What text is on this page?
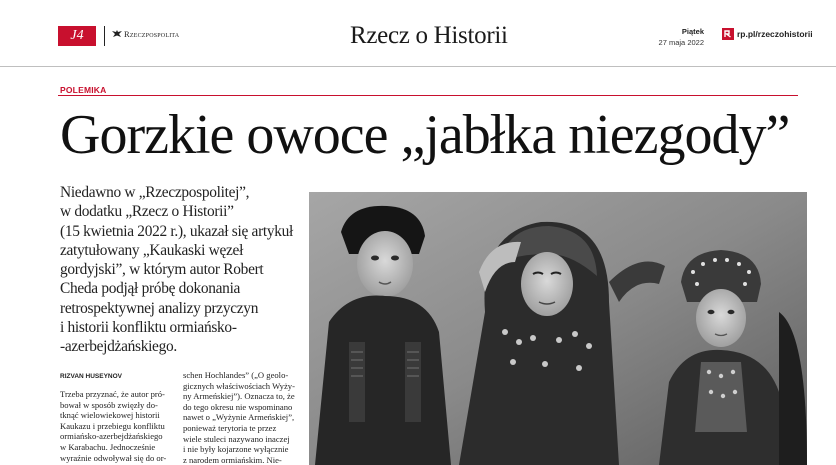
J4	Rzeczpospolita	Rzecz o Historii	Piątek
27 maja 2022
rp.pl/rzeczohistorii
POLEMIKA
Gorzkie owoce „jabłka niezgody”

Niedawno w „Rzeczpospolitej”,
w dodatku „Rzecz o Historii”
(15 kwietnia 2022 r.), ukazał się artykuł
zatytułowany „Kaukaski węzeł
gordyjski”, w którym autor Robert
Cheda podjął próbę dokonania
retrospektywnej analizy przyczyn
i historii konfliktu ormiańsko-
-azerbejdżańskiego.

RIZVAN HUSEYNOV

Trzeba przyznać, że autor pró-
bował w sposób zwięzły do-
tknąć wielowiekowej historii
Kaukazu i przebiegu konfliktu
ormiańsko-azerbejdżańskiego
w Karabachu. Jednocześnie
wyraźnie odwoływał się do or-

schen Hochlandes” („O geolo-
gicznych właściwościach Wyży-
ny Armeńskiej”). Oznacza to, że
do tego okresu nie wspominano
nawet o „Wyżynie Armeńskiej”,
ponieważ terytoria te przez
wiele stuleci nazywano inaczej
i nie były kojarzone wyłącznie
z narodem ormiańskim. Nie-
